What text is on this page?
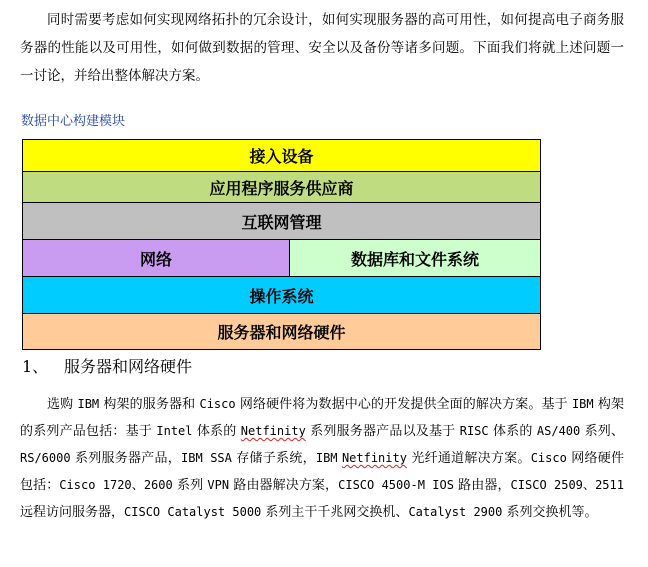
同时需要考虑如何实现网络拓扑的冗余设计，如何实现服务器的高可用性，如何提高电子商务服务器的性能以及可用性，如何做到数据的管理、安全以及备份等诸多问题。下面我们将就上述问题一一讨论，并给出整体解决方案。

数据中心构建模块
接入设备
应用程序服务供应商
互联网管理
网络	数据库和文件系统
操作系统
服务器和网络硬件
1、 服务器和网络硬件

选购 IBM 构架的服务器和 Cisco 网络硬件将为数据中心的开发提供全面的解决方案。基于 IBM 构架的系列产品包括：基于 Intel 体系的 Netfinity 系列服务器产品以及基于 RISC 体系的 AS/400 系列、RS/6000 系列服务器产品，IBM SSA 存储子系统，IBM Netfinity 光纤通道解决方案。Cisco 网络硬件包括：Cisco 1720、2600 系列 VPN 路由器解决方案，CISCO 4500-M IOS 路由器，CISCO 2509、2511 远程访问服务器，CISCO Catalyst 5000 系列主干千兆网交换机、Catalyst 2900 系列交换机等。
